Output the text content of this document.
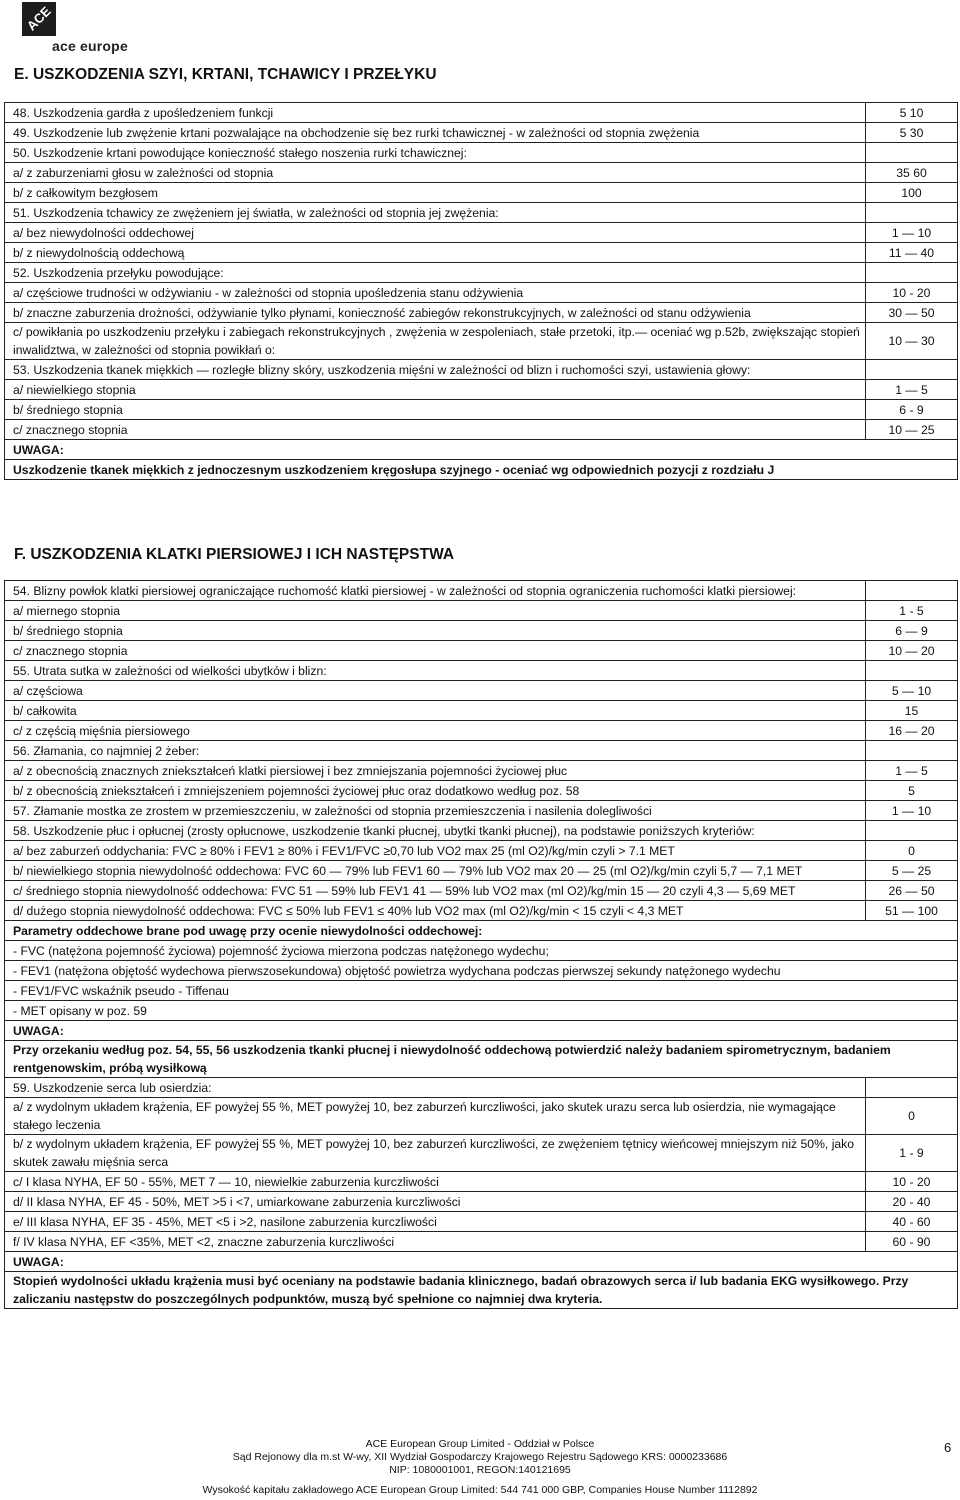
ACE
ace europe
E. USZKODZENIA SZYI, KRTANI, TCHAWICY I PRZEŁYKU
48. Uszkodzenia gardła z upośledzeniem funkcji	5 10
49. Uszkodzenie lub zwężenie krtani pozwalające na obchodzenie się bez rurki tchawicznej - w zależności od stopnia zwężenia	5 30
50. Uszkodzenie krtani powodujące konieczność stałego noszenia rurki tchawicznej:	
a/ z zaburzeniami głosu w zależności od stopnia	35 60
b/ z całkowitym bezgłosem	100
51. Uszkodzenia tchawicy ze zwężeniem jej światła, w zależności od stopnia jej zwężenia:	
a/ bez niewydolności oddechowej	1 — 10
b/ z niewydolnością oddechową	11 — 40
52. Uszkodzenia przełyku powodujące:	
a/ częściowe trudności w odżywianiu - w zależności od stopnia upośledzenia stanu odżywienia	10 - 20
b/ znaczne zaburzenia drożności, odżywianie tylko płynami, konieczność zabiegów rekonstrukcyjnych, w zależności od stanu odżywienia	30 — 50
c/ powikłania po uszkodzeniu przełyku i zabiegach rekonstrukcyjnych , zwężenia w zespoleniach, stałe przetoki, itp.— oceniać wg p.52b, zwiększając stopień inwalidztwa, w zależności od stopnia powikłań o:	10 — 30
53. Uszkodzenia tkanek miękkich — rozległe blizny skóry, uszkodzenia mięśni w zależności od blizn i ruchomości szyi, ustawienia głowy:	
a/ niewielkiego stopnia	1 — 5
b/ średniego stopnia	6 - 9
c/ znacznego stopnia	10 — 25
UWAGA:	
Uszkodzenie tkanek miękkich z jednoczesnym uszkodzeniem kręgosłupa szyjnego - oceniać wg odpowiednich pozycji z rozdziału J	
F. USZKODZENIA KLATKI PIERSIOWEJ I ICH NASTĘPSTWA
54. Blizny powłok klatki piersiowej ograniczające ruchomość klatki piersiowej - w zależności od stopnia ograniczenia ruchomości klatki piersiowej:	
a/ miernego stopnia	1 - 5
b/ średniego stopnia	6 — 9
c/ znacznego stopnia	10 — 20
55. Utrata sutka w zależności od wielkości ubytków i blizn:	
a/ częściowa	5 — 10
b/ całkowita	15
c/ z częścią mięśnia piersiowego	16 — 20
56. Złamania, co najmniej 2 żeber:	
a/ z obecnością znacznych zniekształceń klatki piersiowej i bez zmniejszania pojemności życiowej płuc	1 — 5
b/ z obecnością zniekształceń i zmniejszeniem pojemności życiowej płuc oraz dodatkowo według poz. 58	5
57. Złamanie mostka ze zrostem w przemieszczeniu, w zależności od stopnia przemieszczenia i nasilenia dolegliwości	1 — 10
58. Uszkodzenie płuc i opłucnej (zrosty opłucnowe, uszkodzenie tkanki płucnej, ubytki tkanki płucnej), na podstawie poniższych kryteriów:	
a/ bez zaburzeń oddychania: FVC ≥ 80% i FEV1 ≥ 80% i FEV1/FVC ≥0,70 lub VO2 max 25 (ml O2)/kg/min czyli > 7.1 MET	0
b/ niewielkiego stopnia niewydolność oddechowa: FVC 60 — 79% lub FEV1 60 — 79% lub VO2 max 20 — 25 (ml O2)/kg/min czyli 5,7 — 7,1 MET	5 — 25
c/ średniego stopnia niewydolność oddechowa: FVC 51 — 59% lub FEV1 41 — 59% lub VO2 max (ml O2)/kg/min 15 — 20 czyli 4,3 — 5,69 MET	26 — 50
d/ dużego stopnia niewydolność oddechowa: FVC ≤ 50% lub FEV1 ≤ 40% lub VO2 max (ml O2)/kg/min < 15 czyli < 4,3 MET	51 — 100
Parametry oddechowe brane pod uwagę przy ocenie niewydolności oddechowej:	
- FVC (natężona pojemność życiowa) pojemność życiowa mierzona podczas natężonego wydechu;	
- FEV1 (natężona objętość wydechowa pierwszosekundowa) objętość powietrza wydychana podczas pierwszej sekundy natężonego wydechu	
- FEV1/FVC wskaźnik pseudo - Tiffenau	
- MET opisany w poz. 59	
UWAGA:	
Przy orzekaniu według poz. 54, 55, 56 uszkodzenia tkanki płucnej i niewydolność oddechową potwierdzić należy badaniem spirometrycznym, badaniem rentgenowskim, próbą wysiłkową	
59. Uszkodzenie serca lub osierdzia:	
a/ z wydolnym układem krążenia, EF powyżej 55 %, MET powyżej 10, bez zaburzeń kurczliwości, jako skutek urazu serca lub osierdzia, nie wymagające stałego leczenia	0
b/ z wydolnym układem krążenia, EF powyżej 55 %, MET powyżej 10, bez zaburzeń kurczliwości, ze zwężeniem tętnicy wieńcowej mniejszym niż 50%, jako skutek zawału mięśnia serca	1 - 9
c/ I klasa NYHA, EF 50 - 55%, MET 7 — 10, niewielkie zaburzenia kurczliwości	10 - 20
d/ II klasa NYHA, EF 45 - 50%, MET >5 i <7, umiarkowane zaburzenia kurczliwości	20 - 40
e/ III klasa NYHA, EF 35 - 45%, MET <5 i >2, nasilone zaburzenia kurczliwości	40 - 60
f/ IV klasa NYHA, EF <35%, MET <2, znaczne zaburzenia kurczliwości	60 - 90
UWAGA:	
Stopień wydolności układu krążenia musi być oceniany na podstawie badania klinicznego, badań obrazowych serca i/ lub badania EKG wysiłkowego. Przy zaliczaniu następstw do poszczególnych podpunktów, muszą być spełnione co najmniej dwa kryteria.	
ACE European Group Limited - Oddział w Polsce
Sąd Rejonowy dla m.st W-wy, XII Wydział Gospodarczy Krajowego Rejestru Sądowego KRS: 0000233686
NIP: 1080001001, REGON:140121695
Wysokość kapitału zakładowego ACE European Group Limited: 544 741 000 GBP, Companies House Number 1112892
6
